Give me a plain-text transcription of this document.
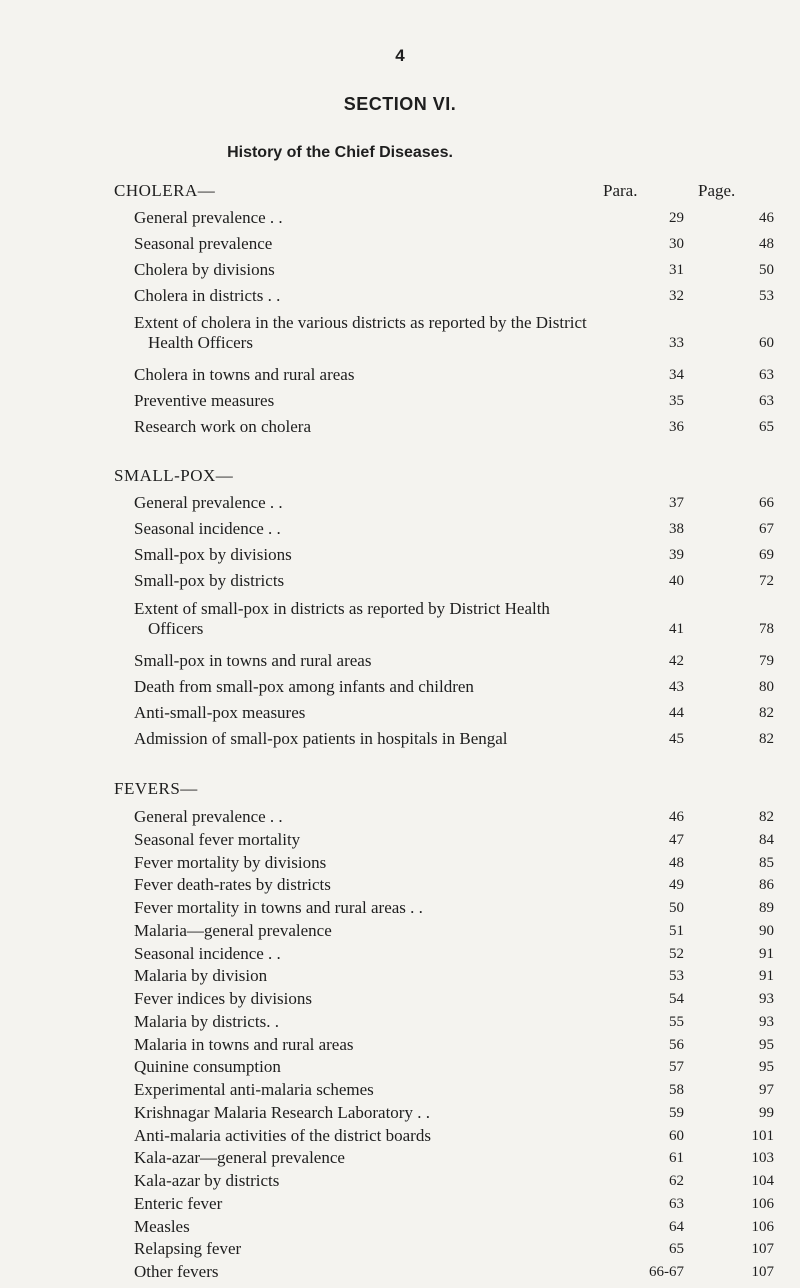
4
SECTION VI.
History of the Chief Diseases.
Para.	Page.
CHOLERA—
General prevalence . .	29	46
Seasonal prevalence	30	48
Cholera by divisions	31	50
Cholera in districts . .	32	53
Extent of cholera in the various districts as reported by the District
Health Officers	33	60
Cholera in towns and rural areas	34	63
Preventive measures	35	63
Research work on cholera	36	65
SMALL-POX—
General prevalence . .	37	66
Seasonal incidence . .	38	67
Small-pox by divisions	39	69
Small-pox by districts	40	72
Extent of small-pox in districts as reported by District Health
Officers	41	78
Small-pox in towns and rural areas	42	79
Death from small-pox among infants and children	43	80
Anti-small-pox measures	44	82
Admission of small-pox patients in hospitals in Bengal	45	82
FEVERS—
General prevalence . .	46	82
Seasonal fever mortality	47	84
Fever mortality by divisions	48	85
Fever death-rates by districts	49	86
Fever mortality in towns and rural areas . .	50	89
Malaria—general prevalence	51	90
Seasonal incidence . .	52	91
Malaria by division	53	91
Fever indices by divisions	54	93
Malaria by districts. .	55	93
Malaria in towns and rural areas	56	95
Quinine consumption	57	95
Experimental anti-malaria schemes	58	97
Krishnagar Malaria Research Laboratory . .	59	99
Anti-malaria activities of the district boards	60	101
Kala-azar—general prevalence	61	103
Kala-azar by districts	62	104
Enteric fever	63	106
Measles	64	106
Relapsing fever	65	107
Other fevers	66-67	107
